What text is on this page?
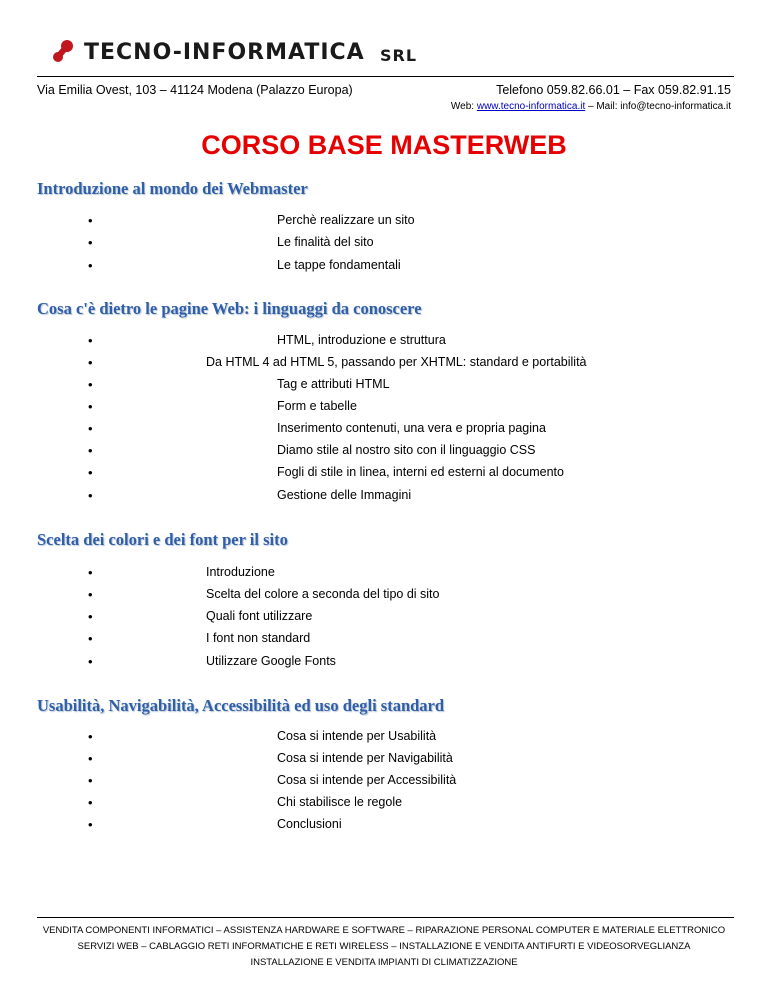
TECNO-INFORMATICA SRL
Via Emilia Ovest, 103 – 41124 Modena (Palazzo Europa)	Telefono 059.82.66.01 – Fax 059.82.91.15
Web: www.tecno-informatica.it – Mail: info@tecno-informatica.it
CORSO BASE MASTERWEB
Introduzione al mondo dei Webmaster
•	Perchè realizzare un sito
•	Le finalità del sito
•	Le tappe fondamentali
Cosa c'è dietro le pagine Web: i linguaggi da conoscere
•	HTML, introduzione e struttura
•	Da HTML 4 ad HTML 5, passando per XHTML: standard e portabilità
•	Tag e attributi HTML
•	Form e tabelle
•	Inserimento contenuti, una vera e propria pagina
•	Diamo stile al nostro sito con il linguaggio CSS
•	Fogli di stile in linea, interni ed esterni al documento
•	Gestione delle Immagini
Scelta dei colori e dei font per il sito
•	Introduzione
•	Scelta del colore a seconda del tipo di sito
•	Quali font utilizzare
•	I font non standard
•	Utilizzare Google Fonts
Usabilità, Navigabilità, Accessibilità ed uso degli standard
•	Cosa si intende per Usabilità
•	Cosa si intende per Navigabilità
•	Cosa si intende per Accessibilità
•	Chi stabilisce le regole
•	Conclusioni
VENDITA COMPONENTI INFORMATICI – ASSISTENZA HARDWARE E SOFTWARE – RIPARAZIONE PERSONAL COMPUTER E MATERIALE ELETTRONICO
SERVIZI WEB – CABLAGGIO RETI INFORMATICHE E RETI WIRELESS – INSTALLAZIONE E VENDITA ANTIFURTI E VIDEOSORVEGLIANZA
INSTALLAZIONE E VENDITA IMPIANTI DI CLIMATIZZAZIONE
